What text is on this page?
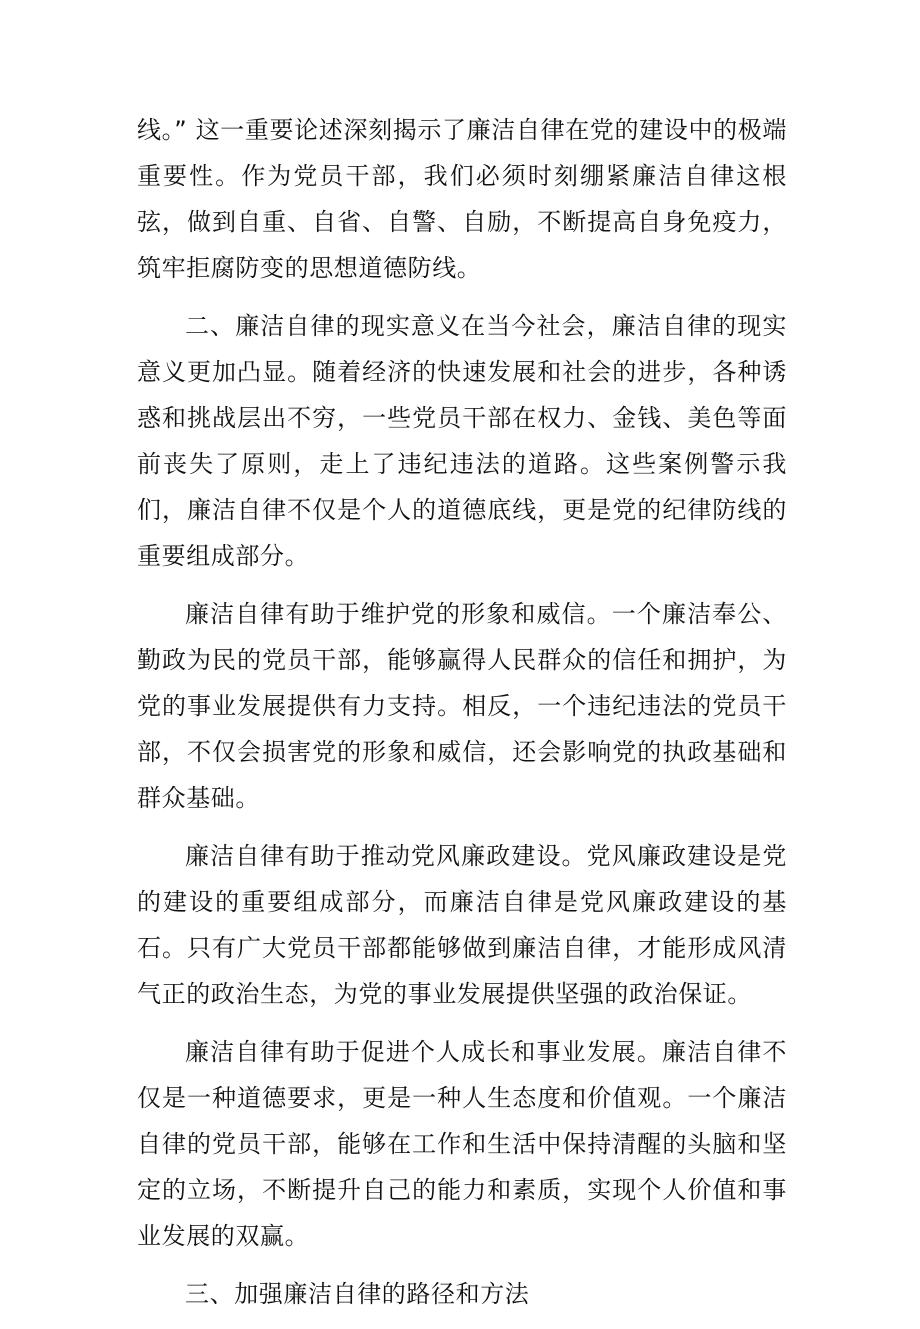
线。” 这一重要论述深刻揭示了廉洁自律在党的建设中的极端重要性。作为党员干部，我们必须时刻绷紧廉洁自律这根弦，做到自重、自省、自警、自励，不断提高自身免疫力，筑牢拒腐防变的思想道德防线。

二、廉洁自律的现实意义在当今社会，廉洁自律的现实意义更加凸显。随着经济的快速发展和社会的进步，各种诱惑和挑战层出不穷，一些党员干部在权力、金钱、美色等面前丧失了原则，走上了违纪违法的道路。这些案例警示我们，廉洁自律不仅是个人的道德底线，更是党的纪律防线的重要组成部分。

廉洁自律有助于维护党的形象和威信。一个廉洁奉公、勤政为民的党员干部，能够赢得人民群众的信任和拥护，为党的事业发展提供有力支持。相反，一个违纪违法的党员干部，不仅会损害党的形象和威信，还会影响党的执政基础和群众基础。

廉洁自律有助于推动党风廉政建设。党风廉政建设是党的建设的重要组成部分，而廉洁自律是党风廉政建设的基石。只有广大党员干部都能够做到廉洁自律，才能形成风清气正的政治生态，为党的事业发展提供坚强的政治保证。

廉洁自律有助于促进个人成长和事业发展。廉洁自律不仅是一种道德要求，更是一种人生态度和价值观。一个廉洁自律的党员干部，能够在工作和生活中保持清醒的头脑和坚定的立场，不断提升自己的能力和素质，实现个人价值和事业发展的双赢。

三、加强廉洁自律的路径和方法
